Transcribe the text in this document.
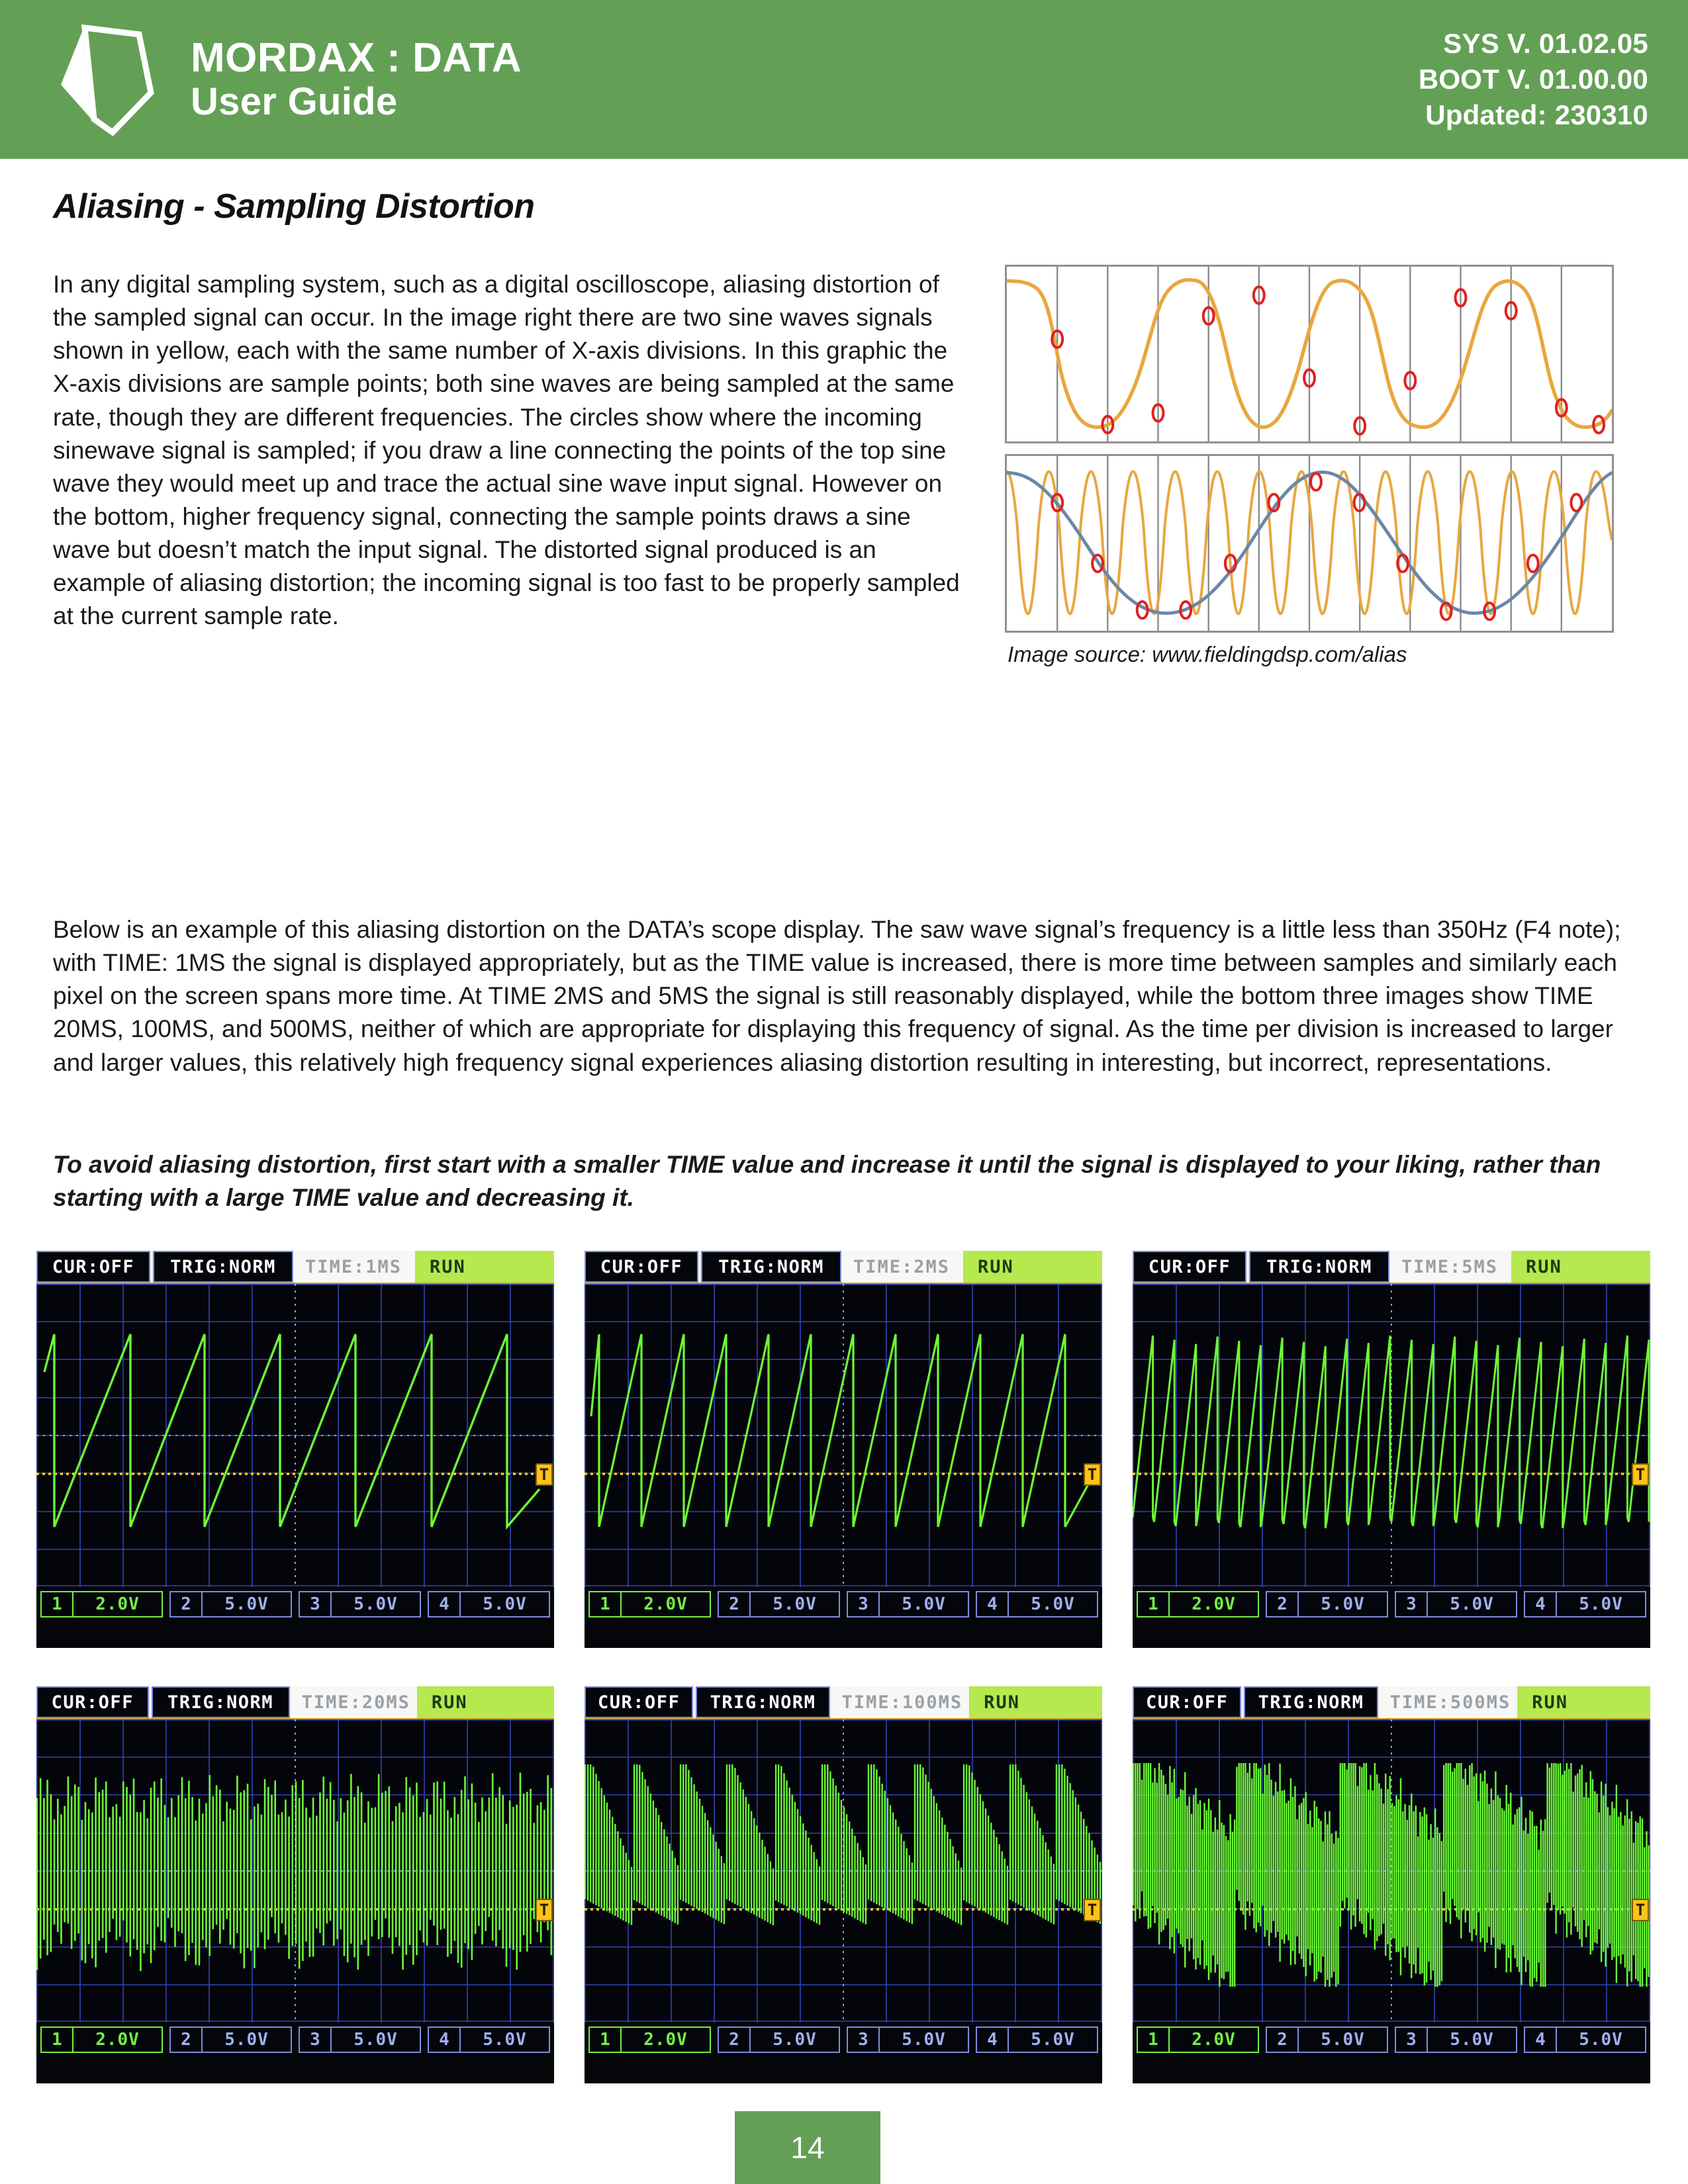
MORDAX : DATA
User Guide
SYS V. 01.02.05
BOOT V. 01.00.00
Updated: 230310
Aliasing - Sampling Distortion
In any digital sampling system, such as a digital oscilloscope, aliasing distortion of the sampled signal can occur. In the image right there are two sine waves signals shown in yellow, each with the same number of X-axis divisions. In this graphic the X-axis divisions are sample points; both sine waves are being sampled at the same rate, though they are different frequencies. The circles show where the incoming sinewave signal is sampled; if you draw a line connecting the points of the top sine wave they would meet up and trace the actual sine wave input signal. However on the bottom, higher frequency signal, connecting the sample points draws a sine wave but doesn’t match the input signal. The distorted signal produced is an example of aliasing distortion; the incoming signal is too fast to be properly sampled at the current sample rate.
Image source: www.fieldingdsp.com/alias
Below is an example of this aliasing distortion on the DATA’s scope display. The saw wave signal’s frequency is a little less than 350Hz (F4 note); with TIME: 1MS the signal is displayed appropriately, but as the TIME value is increased, there is more time between samples and similarly each pixel on the screen spans more time. At TIME 2MS and 5MS the signal is still reasonably displayed, while the bottom three images show TIME 20MS, 100MS, and 500MS, neither of which are appropriate for displaying this frequency of signal. As the time per division is increased to larger and larger values, this relatively high frequency signal experiences aliasing distortion resulting in interesting, but incorrect, representations.
To avoid aliasing distortion, first start with a smaller TIME value and increase it until the signal is displayed to your liking, rather than starting with a large TIME value and decreasing it.
CUR:OFF	TRIG:NORM	TIME:1MS	RUN
T
1	2.0V	2	5.0V	3	5.0V	4	5.0V
CUR:OFF	TRIG:NORM	TIME:2MS	RUN
T
1	2.0V	2	5.0V	3	5.0V	4	5.0V
CUR:OFF	TRIG:NORM	TIME:5MS	RUN
T
1	2.0V	2	5.0V	3	5.0V	4	5.0V
CUR:OFF	TRIG:NORM	TIME:20MS	RUN
T
1	2.0V	2	5.0V	3	5.0V	4	5.0V
CUR:OFF	TRIG:NORM	TIME:100MS	RUN
T
1	2.0V	2	5.0V	3	5.0V	4	5.0V
CUR:OFF	TRIG:NORM	TIME:500MS	RUN
T
1	2.0V	2	5.0V	3	5.0V	4	5.0V
14
